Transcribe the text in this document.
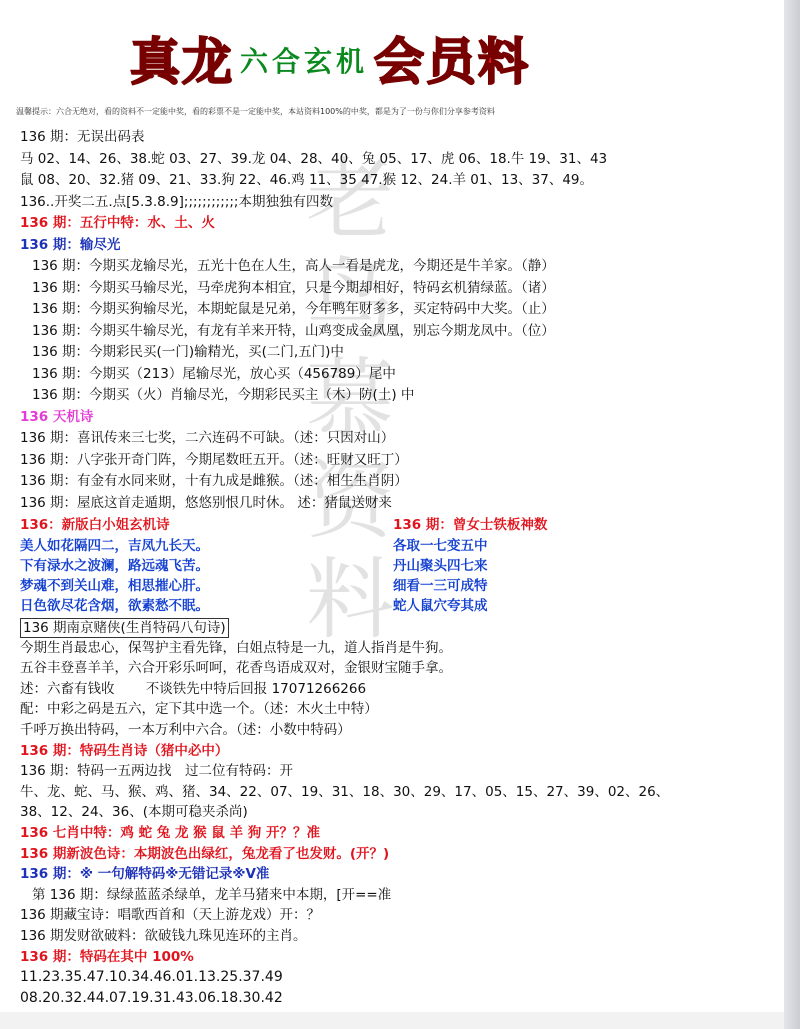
真龙 六合玄机 会员料
温馨提示：六合无绝对，看的资料不一定能中奖，看的彩票不是一定能中奖，本站资料100%的中奖，都是为了一份与你们分享参考资料
老鸟慕资料
136 期：无误出码表
马 02、14、26、38.蛇 03、27、39.龙 04、28、40、兔 05、17、虎 06、18.牛 19、31、43
鼠 08、20、32.猪 09、21、33.狗 22、46.鸡 11、35 47.猴 12、24.羊 01、13、37、49。
136..开奖二五.点[5.3.8.9];;;;;;;;;;;;本期独独有四数
136 期：五行中特：水、土、火
136 期：输尽光
136 期：今期买龙输尽光，五光十色在人生，高人一看是虎龙，今期还是牛羊家。（静）
136 期：今期买马输尽光，马牵虎狗本相宜，只是今期却相好，特码玄机猜绿蓝。（诸）
136 期：今期买狗输尽光，本期蛇鼠是兄弟，今年鸭年财多多，买定特码中大奖。（止）
136 期：今期买牛输尽光，有龙有羊来开特，山鸡变成金凤凰，别忘今期龙凤中。（位）
136 期：今期彩民买(一门)输精光，买(二门,五门)中
136 期：今期买（213）尾输尽光，放心买（456789）尾中
136 期：今期买（火）肖输尽光，今期彩民买主（木）防(土) 中
136 天机诗
136 期：喜讯传来三七奖，二六连码不可缺。（述：只因对山）
136 期：八字张开奇门阵，今期尾数旺五开。（述：旺财又旺丁）
136 期：有金有水同来财，十有九成是雌猴。（述：相生生肖阴）
136 期：屋底这首走遁期，悠悠别恨几时休。 述：猪鼠送财来
136：新版白小姐玄机诗	136 期：曾女士铁板神数
美人如花隔四二，吉凤九长天。
下有渌水之波澜，路远魂飞苦。
梦魂不到关山难，相思摧心肝。
日色欲尽花含烟，欲素愁不眠。
各取一七变五中
丹山聚头四七来
细看一三可成特
蛇人鼠穴夸其成
136 期南京赌侠(生肖特码八句诗)
今期生肖最忠心，保驾护主看先锋，白姐点特是一九，道人指肖是牛狗。
五谷丰登喜羊羊，六合开彩乐呵呵，花香鸟语成双对，金银财宝随手拿。
述：六畜有钱收 　　不谈铁先中特后回报 17071266266
配：中彩之码是五六，定下其中选一个。（述：木火土中特）
千呼万换出特码，一本万利中六合。（述：小数中特码）
136 期：特码生肖诗（猪中必中）
136 期：特码一五两边找　过二位有特码：开
牛、龙、蛇、马、猴、鸡、猪、34、22、07、19、31、18、30、29、17、05、15、27、39、02、26、
38、12、24、36、(本期可稳夹杀尚)
136 七肖中特：鸡 蛇 兔 龙 猴 鼠 羊 狗 开？？准
136 期新波色诗：本期波色出绿红，兔龙看了也发财。(开？)
136 期：※ 一句解特码※无错记录※V准
第 136 期：绿绿蓝蓝杀绿单，龙羊马猪来中本期，[开==准
136 期藏宝诗：唱歌西首和（天上游龙戏）开：？
136 期发财欲破料：欲破钱九珠见连环的主肖。
136 期：特码在其中 100%
11.23.35.47.10.34.46.01.13.25.37.49
08.20.32.44.07.19.31.43.06.18.30.42
